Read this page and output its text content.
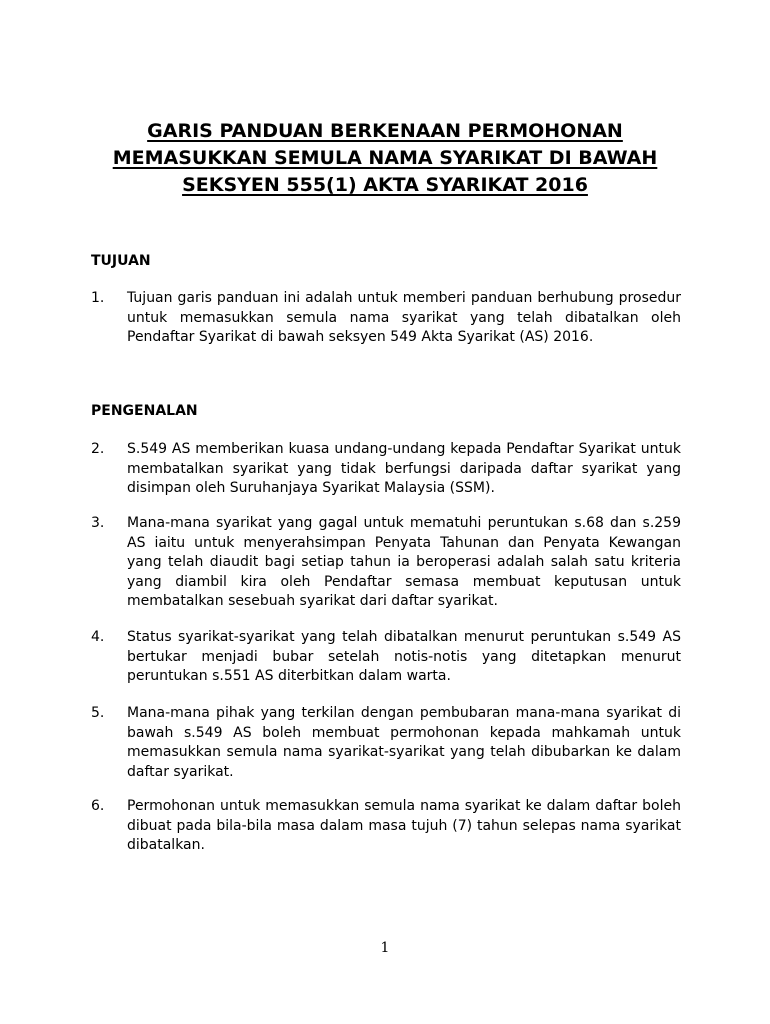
GARIS PANDUAN BERKENAAN PERMOHONAN
MEMASUKKAN SEMULA NAMA SYARIKAT DI BAWAH
SEKSYEN 555(1) AKTA SYARIKAT 2016
TUJUAN
1. Tujuan garis panduan ini adalah untuk memberi panduan berhubung prosedur untuk memasukkan semula nama syarikat yang telah dibatalkan oleh Pendaftar Syarikat di bawah seksyen 549 Akta Syarikat (AS) 2016.
PENGENALAN
2. S.549 AS memberikan kuasa undang-undang kepada Pendaftar Syarikat untuk membatalkan syarikat yang tidak berfungsi daripada daftar syarikat yang disimpan oleh Suruhanjaya Syarikat Malaysia (SSM).
3. Mana-mana syarikat yang gagal untuk mematuhi peruntukan s.68 dan s.259 AS iaitu untuk menyerahsimpan Penyata Tahunan dan Penyata Kewangan yang telah diaudit bagi setiap tahun ia beroperasi adalah salah satu kriteria yang diambil kira oleh Pendaftar semasa membuat keputusan untuk membatalkan sesebuah syarikat dari daftar syarikat.
4. Status syarikat-syarikat yang telah dibatalkan menurut peruntukan s.549 AS bertukar menjadi bubar setelah notis-notis yang ditetapkan menurut peruntukan s.551 AS diterbitkan dalam warta.
5. Mana-mana pihak yang terkilan dengan pembubaran mana-mana syarikat di bawah s.549 AS boleh membuat permohonan kepada mahkamah untuk memasukkan semula nama syarikat-syarikat yang telah dibubarkan ke dalam daftar syarikat.
6. Permohonan untuk memasukkan semula nama syarikat ke dalam daftar boleh dibuat pada bila-bila masa dalam masa tujuh (7) tahun selepas nama syarikat dibatalkan.
1
